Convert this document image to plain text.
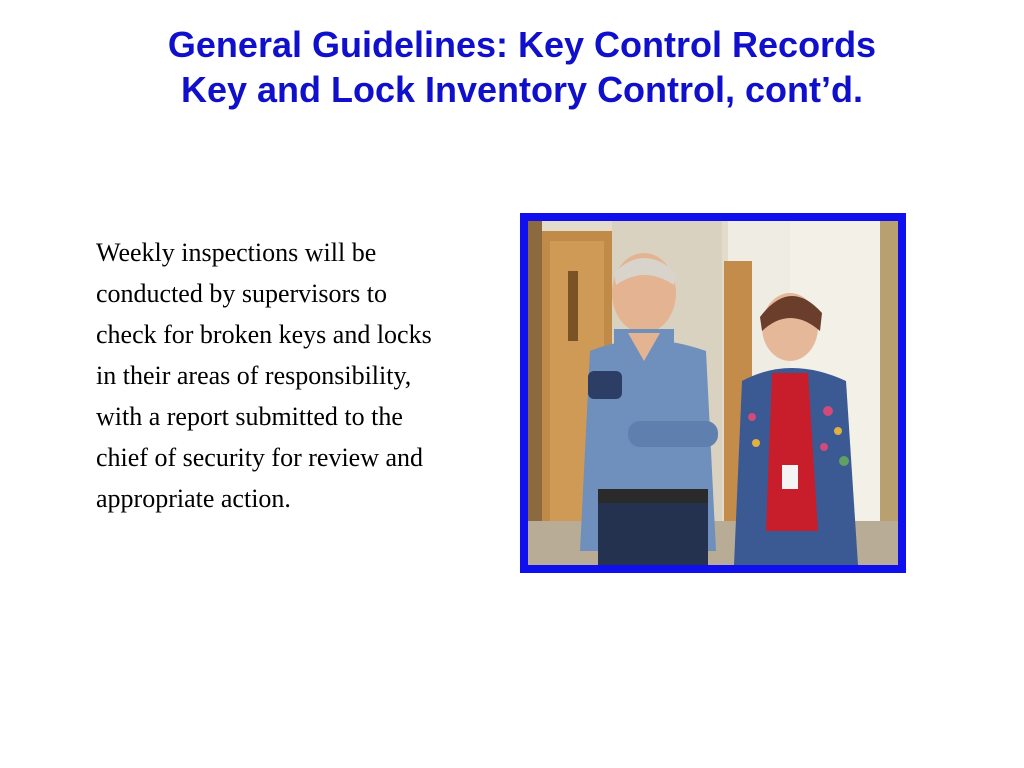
General Guidelines: Key Control Records
Key and Lock Inventory Control, cont’d.
Weekly inspections will be conducted by supervisors to check for broken keys and locks in their areas of responsibility, with a report submitted to the chief of security for review and appropriate action.
